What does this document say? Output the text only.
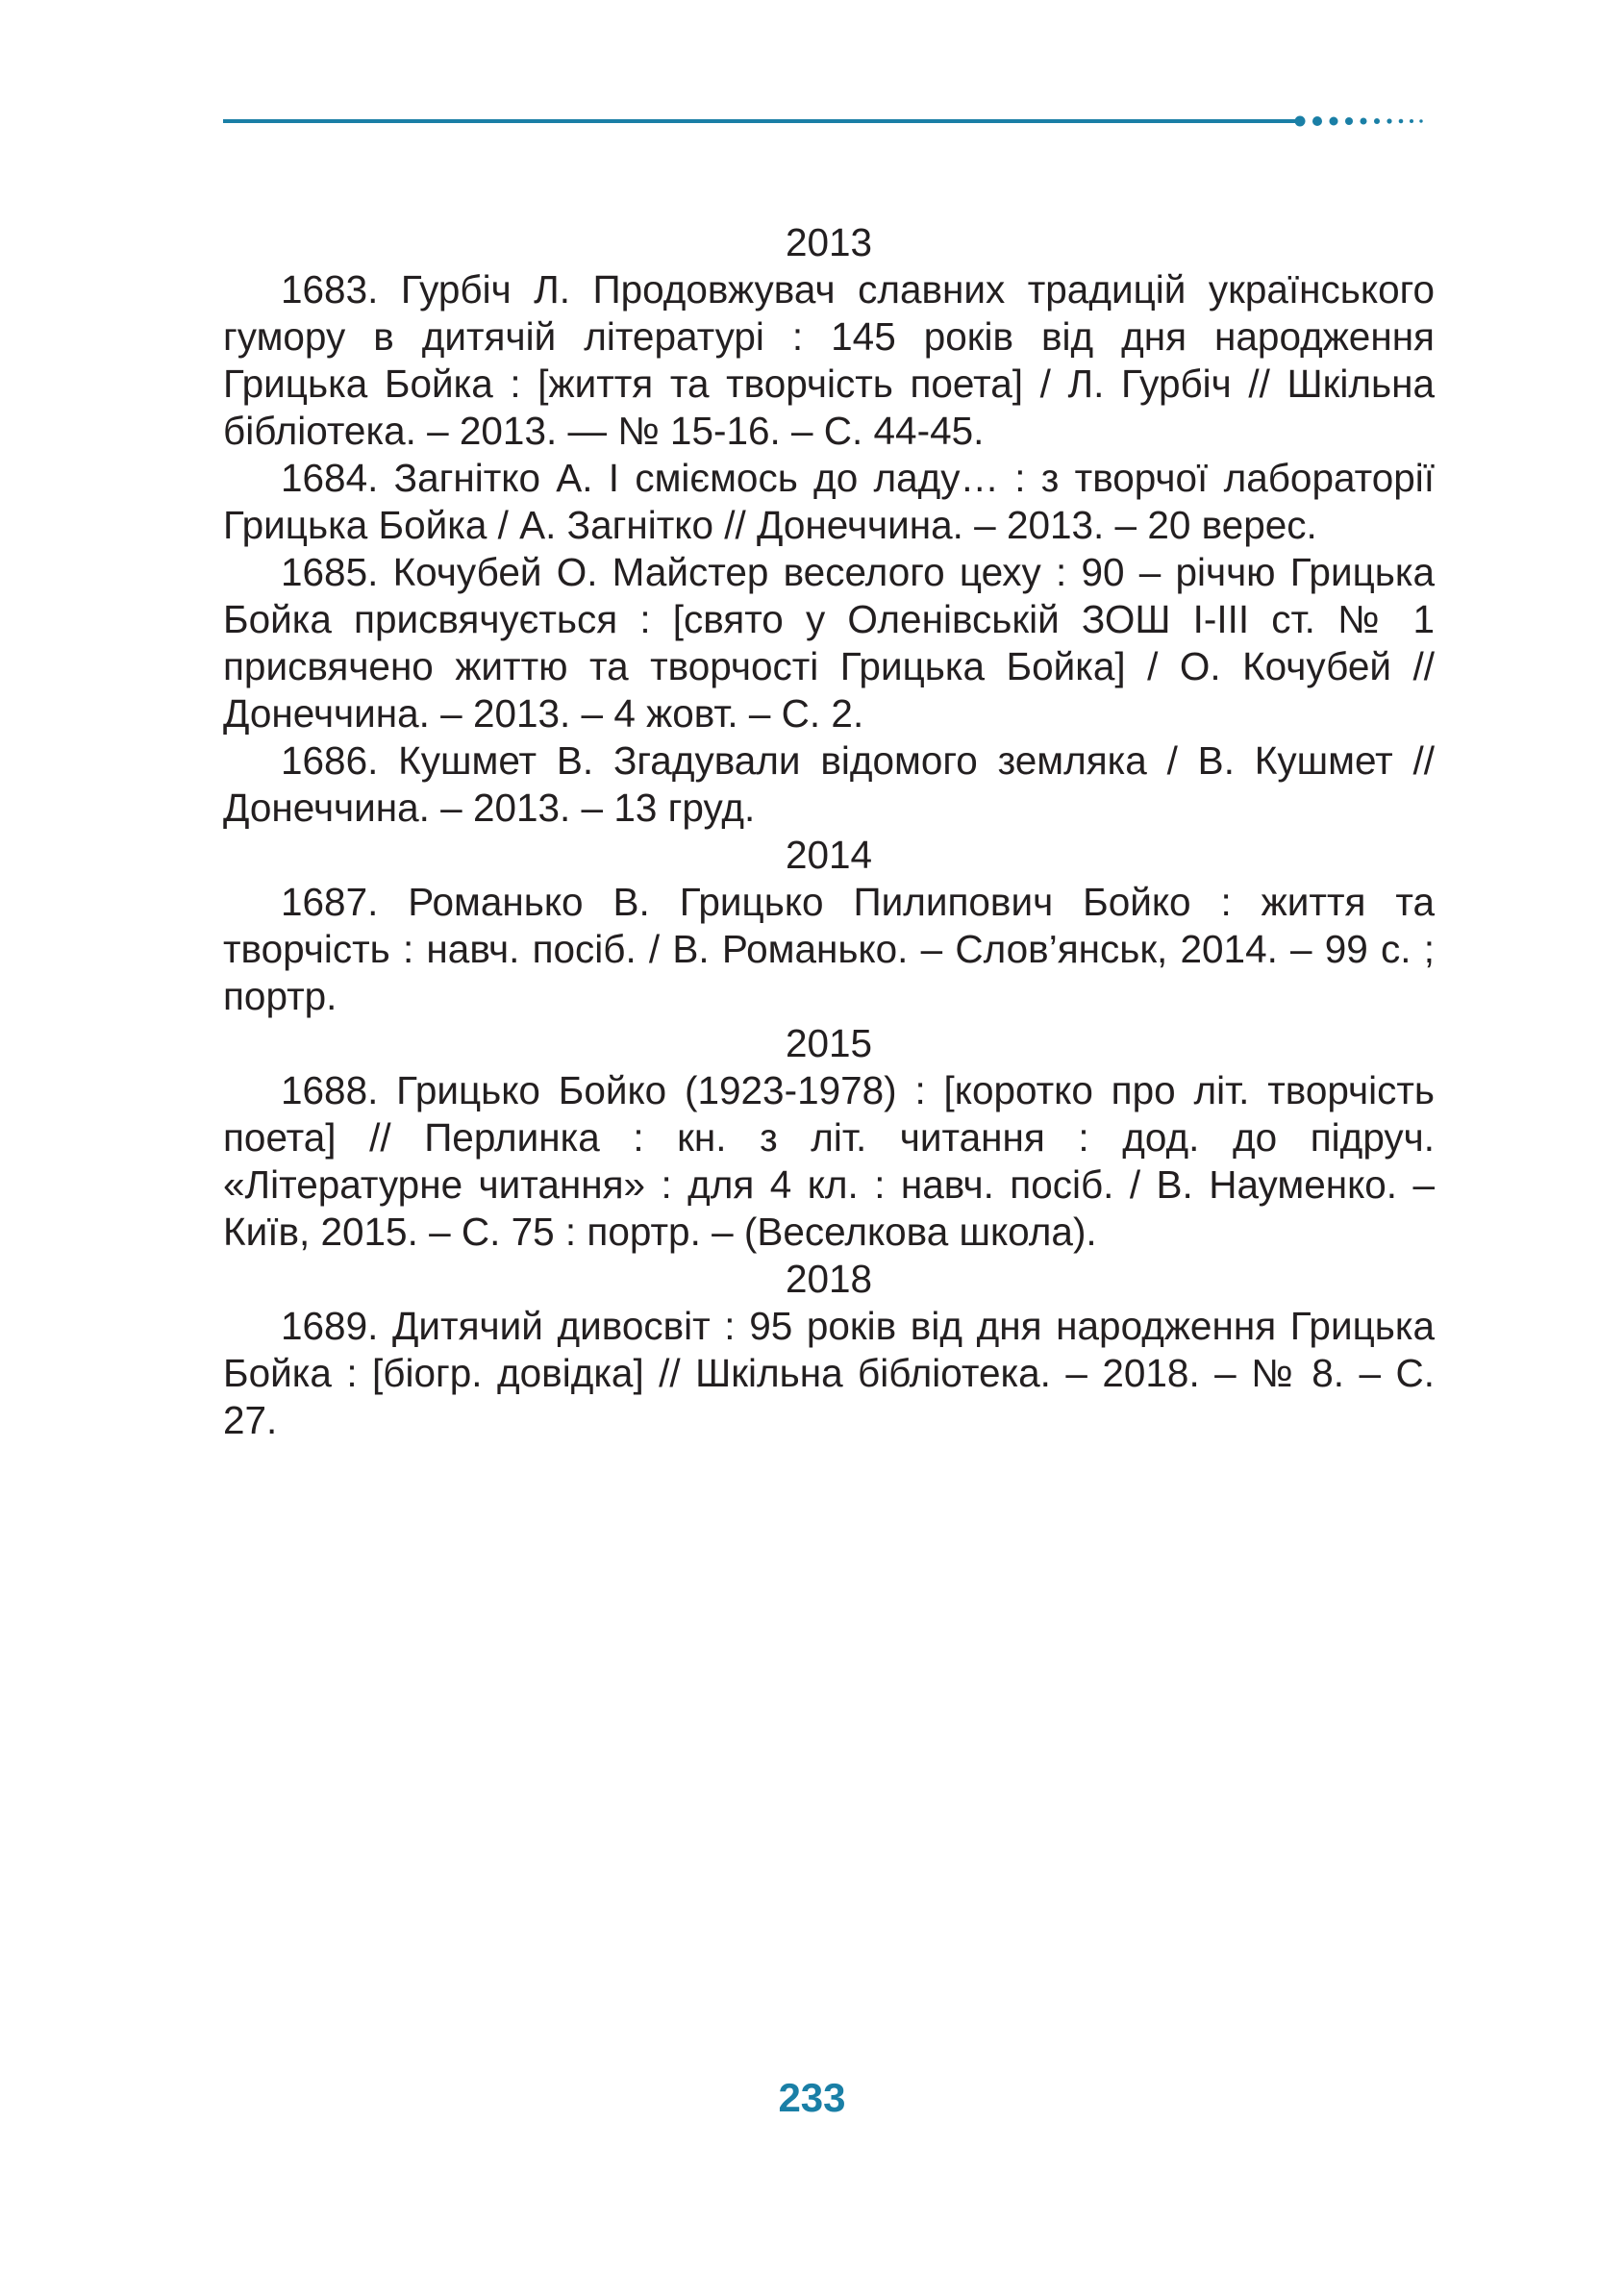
2013

1683. Гурбіч Л. Продовжувач славних традицій українського гумору в дитячій літературі : 145 років від дня народження Грицька Бойка : [життя та творчість поета] / Л. Гурбіч // Шкільна бібліотека. – 2013. — № 15-16. – С. 44-45.

1684. Загнітко А. І сміємось до ладу… : з творчої лабораторії Грицька Бойка / А. Загнітко // Донеччина. – 2013. – 20 верес.

1685. Кочубей О. Майстер веселого цеху : 90 – річчю Грицька Бойка присвячується : [свято у Оленівській ЗОШ І-ІІІ ст. № 1 присвячено життю та творчості Грицька Бойка] / О. Кочубей // Донеччина. – 2013. – 4 жовт. – С. 2.

1686. Кушмет В. Згадували відомого земляка / В. Кушмет // Донеччина. – 2013. – 13 груд.

2014

1687. Романько В. Грицько Пилипович Бойко : життя та творчість : навч. посіб. / В. Романько. – Слов’янськ, 2014. – 99 с. ; портр.

2015

1688. Грицько Бойко (1923-1978) : [коротко про літ. творчість поета] // Перлинка : кн. з літ. читання : дод. до підруч. «Літературне читання» : для 4 кл. : навч. посіб. / В. Науменко. – Київ, 2015. – С. 75 : портр. – (Веселкова школа).

2018

1689. Дитячий дивосвіт : 95 років від дня народження Грицька Бойка : [біогр. довідка] // Шкільна бібліотека. – 2018. – № 8. – С. 27.

233
